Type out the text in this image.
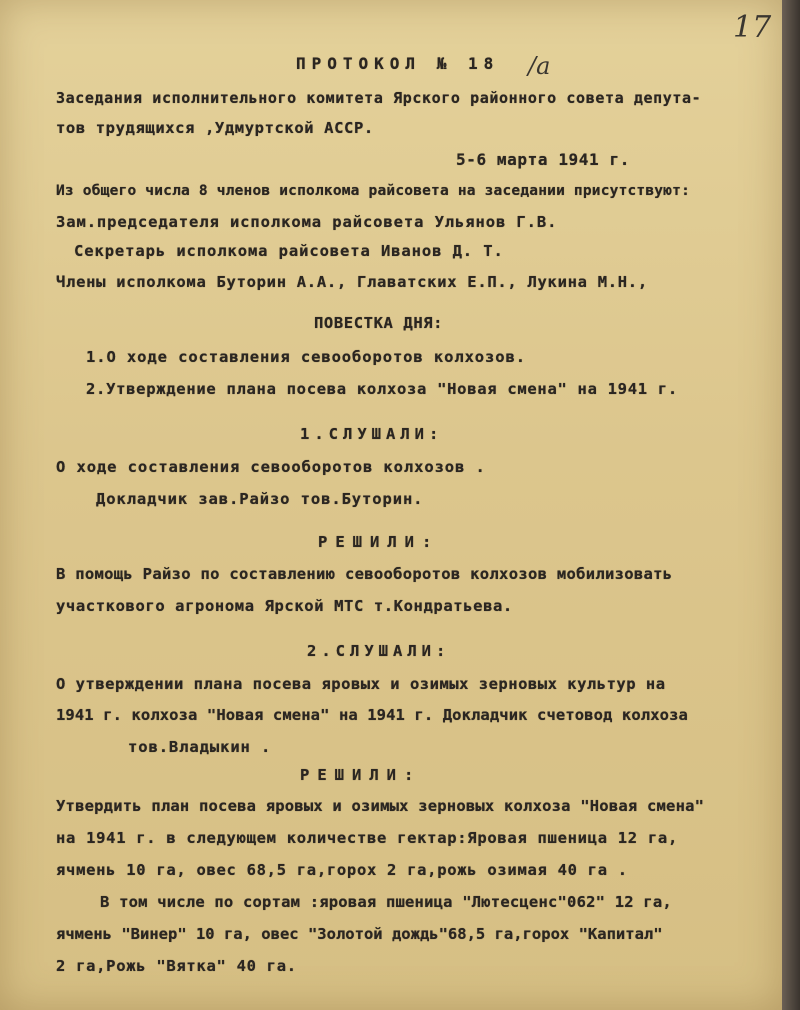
17
ПРОТОКОЛ № 18 /а
Заседания исполнительного комитета Ярского районного совета депута-
тов трудящихся ,Удмуртской АССР.
5-6 марта 1941 г.
Из общего числа 8 членов исполкома райсовета на заседании присутствуют:
Зам.председателя исполкома райсовета Ульянов Г.В.
Секретарь исполкома райсовета Иванов Д. Т.
Члены исполкома Буторин А.А., Главатских Е.П., Лукина М.Н.,
ПОВЕСТКА ДНЯ:
1.О ходе составления севооборотов колхозов.
2.Утверждение плана посева колхоза "Новая смена" на 1941 г.
1.СЛУШАЛИ:
О ходе составления севооборотов колхозов .
Докладчик зав.Райзо тов.Буторин.
РЕШИЛИ:
В помощь Райзо по составлению севооборотов колхозов мобилизовать
участкового агронома Ярской МТС т.Кондратьева.
2.СЛУШАЛИ:
О утверждении плана посева яровых и озимых зерновых культур на
1941 г. колхоза "Новая смена" на 1941 г. Докладчик счетовод колхоза
тов.Владыкин .
РЕШИЛИ:
Утвердить план посева яровых и озимых зерновых колхоза "Новая смена"
на 1941 г. в следующем количестве гектар:Яровая пшеница 12 га,
ячмень 10 га, овес 68,5 га,горох 2 га,рожь озимая 40 га .
В том числе по сортам :яровая пшеница "Лютесценс"062" 12 га,
ячмень "Винер" 10 га, овес "Золотой дождь"68,5 га,горох "Капитал"
2 га,Рожь "Вятка" 40 га.
